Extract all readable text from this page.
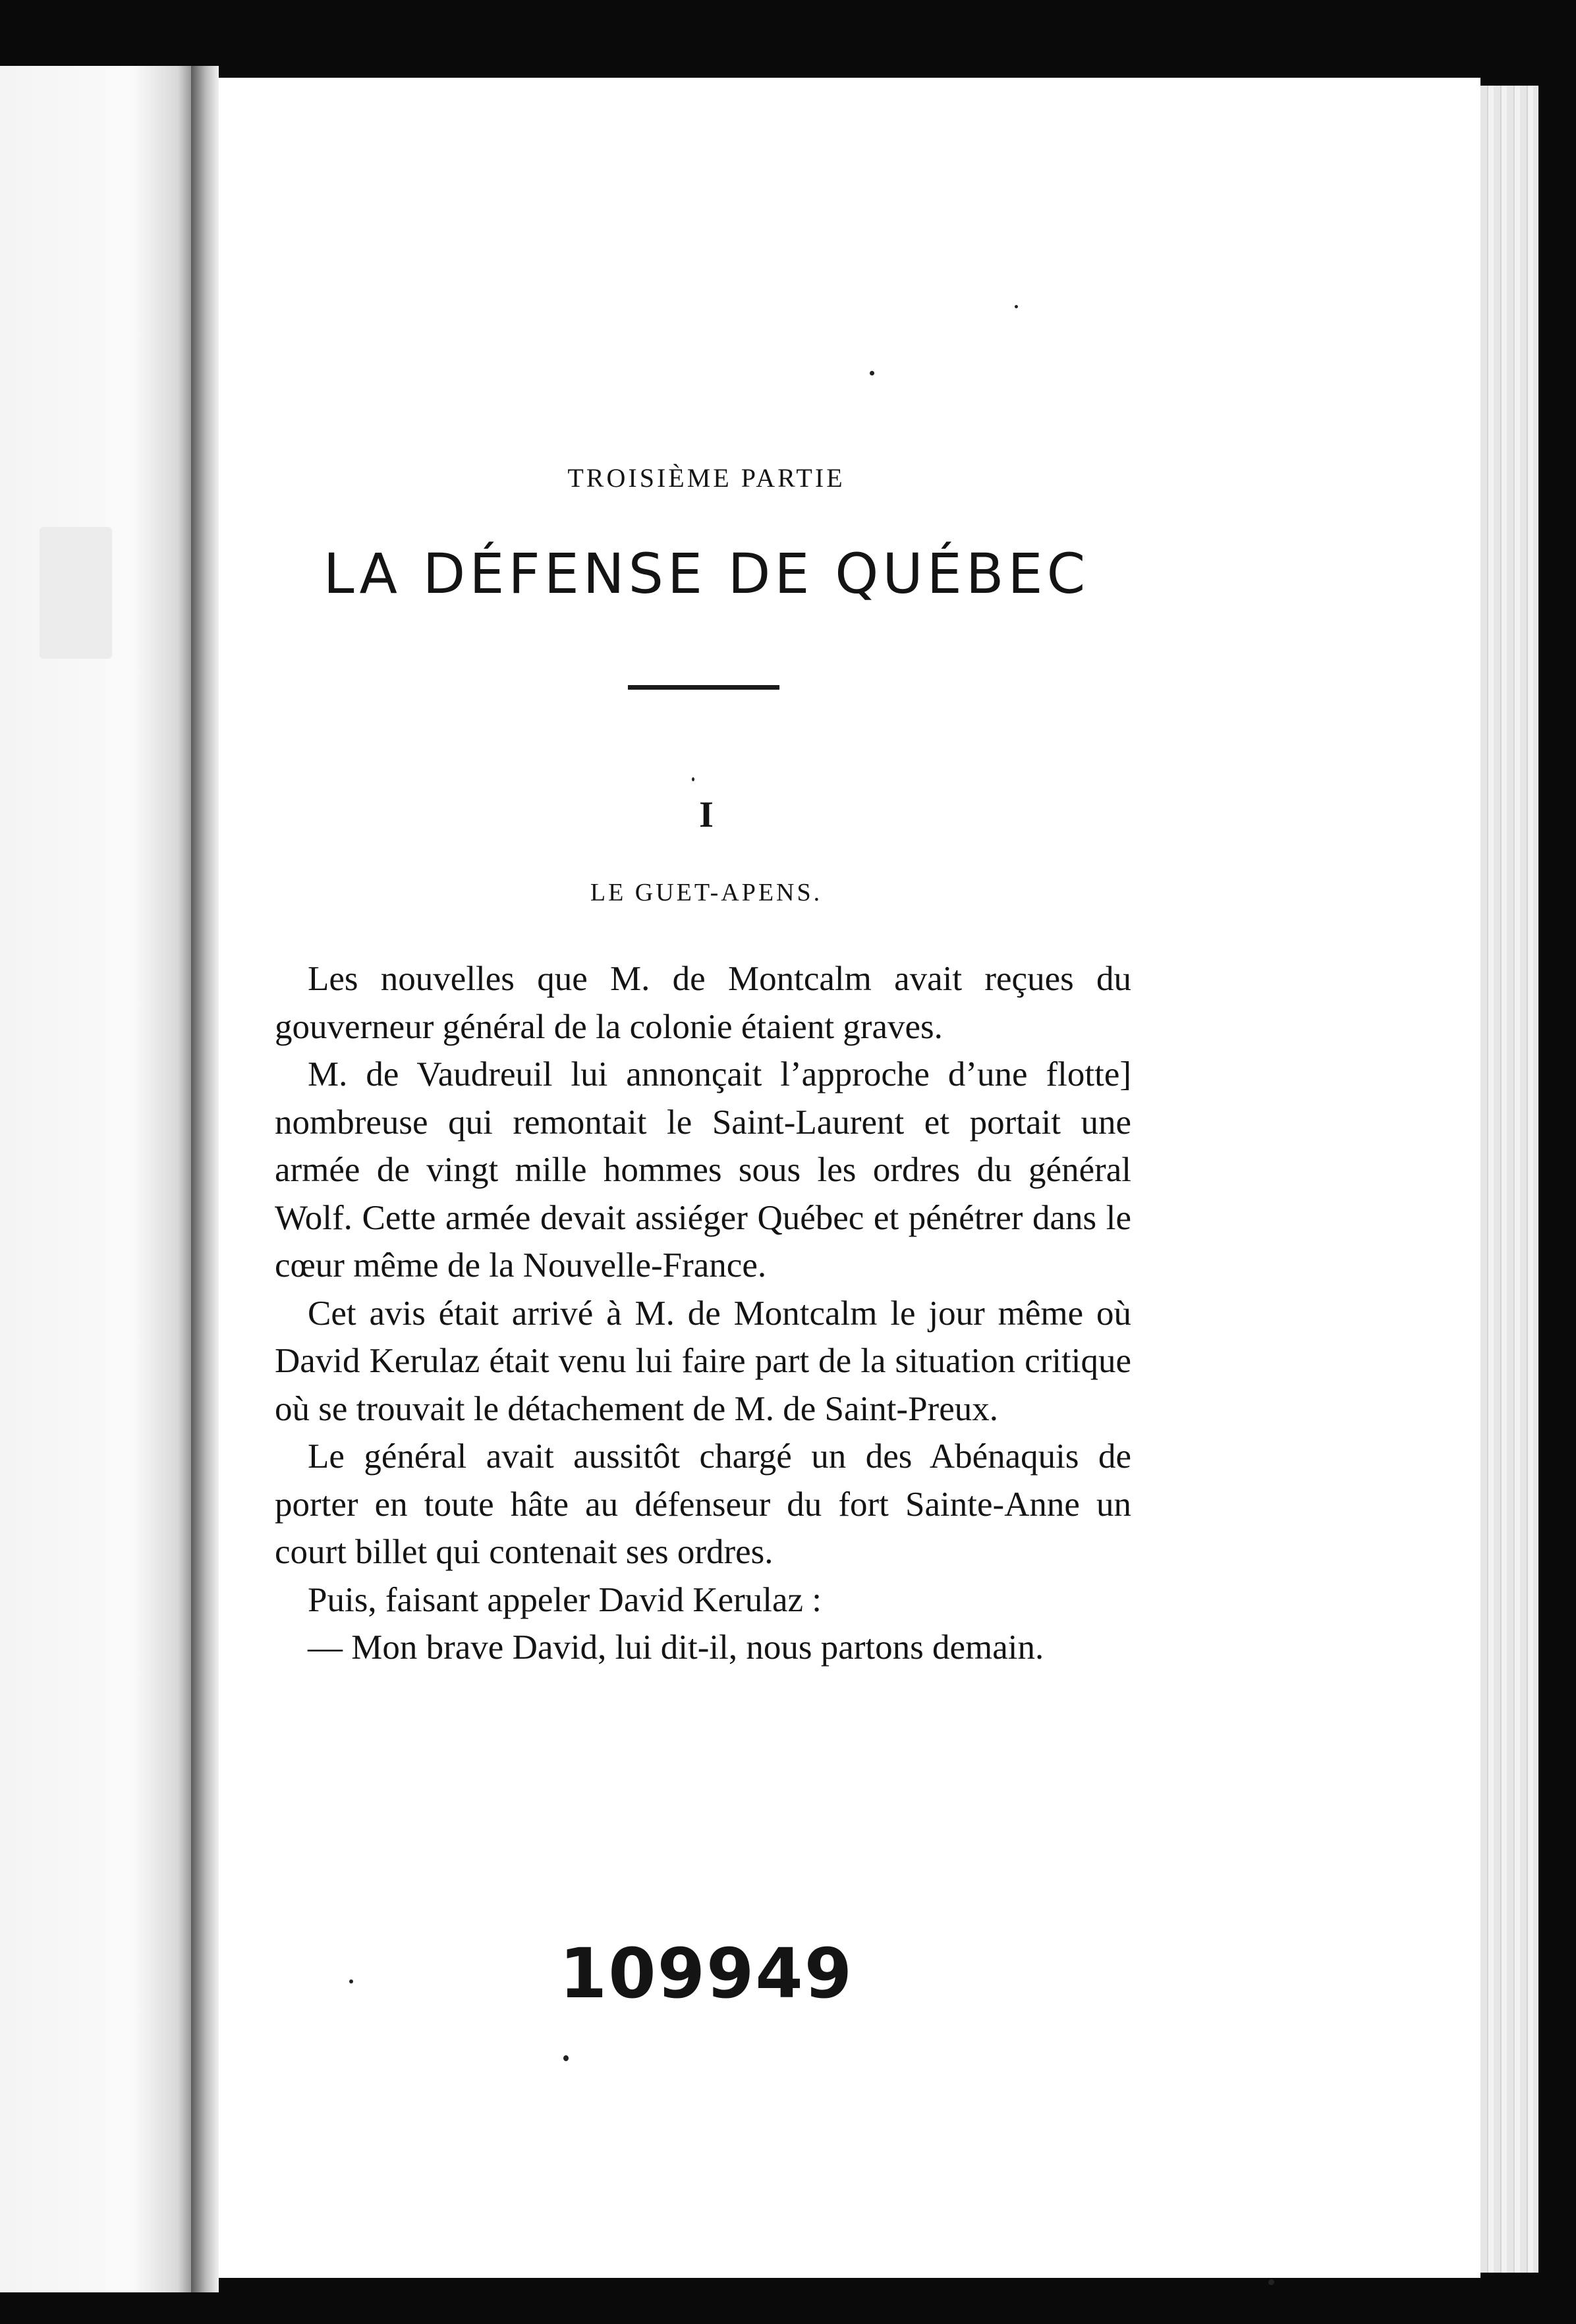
TROISIÈME PARTIE
LA DÉFENSE DE QUÉBEC
I
LE GUET-APENS.

Les nouvelles que M. de Montcalm avait reçues du gouverneur général de la colonie étaient graves.

M. de Vaudreuil lui annonçait l’approche d’une flotte] nombreuse qui remontait le Saint-Laurent et portait une armée de vingt mille hommes sous les ordres du général Wolf. Cette armée devait assiéger Québec et pénétrer dans le cœur même de la Nouvelle-France.

Cet avis était arrivé à M. de Montcalm le jour même où David Kerulaz était venu lui faire part de la situation critique où se trouvait le détachement de M. de Saint-Preux.

Le général avait aussitôt chargé un des Abénaquis de porter en toute hâte au défenseur du fort Sainte-Anne un court billet qui contenait ses ordres.

Puis, faisant appeler David Kerulaz :

— Mon brave David, lui dit-il, nous partons demain.

109949
